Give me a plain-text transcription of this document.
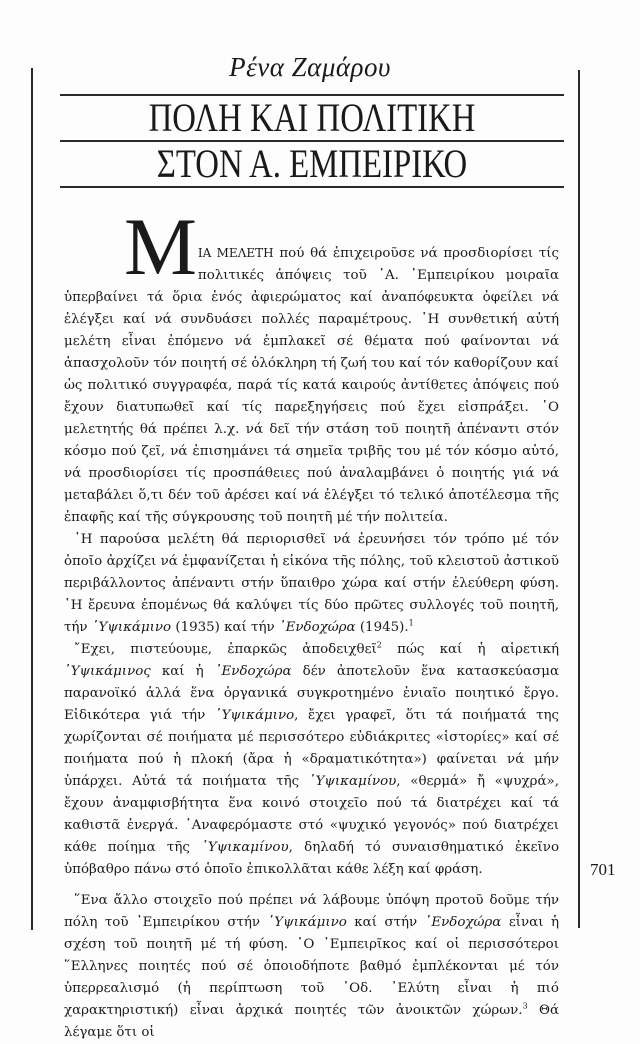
Ρένα Ζαμάρου
ΠΟΛΗ ΚΑΙ ΠΟΛΙΤΙΚΗ
ΣΤΟΝ Α. ΕΜΠΕΙΡΙΚΟ

ΜΙΑ ΜΕΛΕΤΗ πού θά ἐπιχειροῦσε νά προσδιορίσει τίς πολιτικές ἀπόψεις τοῦ ᾿Α. ᾿Εμπειρίκου μοιραῖα ὑπερβαίνει τά ὅρια ἑνός ἀφιερώματος καί ἀναπόφευκτα ὀφείλει νά ἐλέγξει καί νά συνδυάσει πολλές παραμέτρους. ῾Η συνθετική αὐτή μελέτη εἶναι ἐπόμενο νά ἐμπλακεῖ σέ θέματα πού φαίνονται νά ἀπασχολοῦν τόν ποιητή σέ ὁλόκληρη τή ζωή του καί τόν καθορίζουν καί ὡς πολιτικό συγγραφέα, παρά τίς κατά καιρούς ἀντίθετες ἀπόψεις πού ἔχουν διατυπωθεῖ καί τίς παρεξηγήσεις πού ἔχει εἰσπράξει. ῾Ο μελετητής θά πρέπει λ.χ. νά δεῖ τήν στάση τοῦ ποιητῆ ἀπέναντι στόν κόσμο πού ζεῖ, νά ἐπισημάνει τά σημεῖα τριβῆς του μέ τόν κόσμο αὐτό, νά προσδιορίσει τίς προσπάθειες πού ἀναλαμβάνει ὁ ποιητής γιά νά μεταβάλει ὅ,τι δέν τοῦ ἀρέσει καί νά ἐλέγξει τό τελικό ἀποτέλεσμα τῆς ἐπαφῆς καί τῆς σύγκρουσης τοῦ ποιητῆ μέ τήν πολιτεία.

῾Η παρούσα μελέτη θά περιορισθεῖ νά ἐρευνήσει τόν τρόπο μέ τόν ὁποῖο ἀρχίζει νά ἐμφανίζεται ἡ εἰκόνα τῆς πόλης, τοῦ κλειστοῦ ἀστικοῦ περιβάλλοντος ἀπέναντι στήν ὕπαιθρο χώρα καί στήν ἐλεύθερη φύση. ῾Η ἔρευνα ἐπομένως θά καλύψει τίς δύο πρῶτες συλλογές τοῦ ποιητῆ, τήν ῾Υψικάμινο (1935) καί τήν ᾿Ενδοχώρα (1945).$^1$

῎Εχει, πιστεύουμε, ἐπαρκῶς ἀποδειχθεῖ$^2$ πώς καί ἡ αἱρετική ῾Υψικάμινος καί ἡ ᾿Ενδοχώρα δέν ἀποτελοῦν ἕνα κατασκεύασμα παρανοϊκό ἀλλά ἕνα ὀργανικά συγκροτημένο ἑνιαῖο ποιητικό ἔργο. Εἰδικότερα γιά τήν ῾Υψικάμινο, ἔχει γραφεῖ, ὅτι τά ποιήματά της χωρίζονται σέ ποιήματα μέ περισσότερο εὐδιάκριτες «ἱστορίες» καί σέ ποιήματα πού ἡ πλοκή (ἄρα ἡ «δραματικότητα») φαίνεται νά μήν ὑπάρχει. Αὐτά τά ποιήματα τῆς ῾Υψικαμίνου, «θερμά» ἤ «ψυχρά», ἔχουν ἀναμφισβήτητα ἕνα κοινό στοιχεῖο πού τά διατρέχει καί τά καθιστᾶ ἐνεργά. ᾿Αναφερόμαστε στό «ψυχικό γεγονός» πού διατρέχει κάθε ποίημα τῆς ῾Υψικαμίνου, δηλαδή τό συναισθηματικό ἐκεῖνο ὑπόβαθρο πάνω στό ὁποῖο ἐπικολλᾶται κάθε λέξη καί φράση.

῞Ενα ἄλλο στοιχεῖο πού πρέπει νά λάβουμε ὑπόψη προτοῦ δοῦμε τήν πόλη τοῦ ᾿Εμπειρίκου στήν ῾Υψικάμινο καί στήν ᾿Ενδοχώρα εἶναι ἡ σχέση τοῦ ποιητῆ μέ τή φύση. ῾Ο ᾿Εμπειρῖκος καί οἱ περισσότεροι ῞Ελληνες ποιητές πού σέ ὁποιοδήποτε βαθμό ἐμπλέκονται μέ τόν ὑπερρεαλισμό (ἡ περίπτωση τοῦ ᾿Οδ. ᾿Ελύτη εἶναι ἡ πιό χαρακτηριστική) εἶναι ἀρχικά ποιητές τῶν ἀνοικτῶν χώρων.$^3$ Θά λέγαμε ὅτι οἱ

701
